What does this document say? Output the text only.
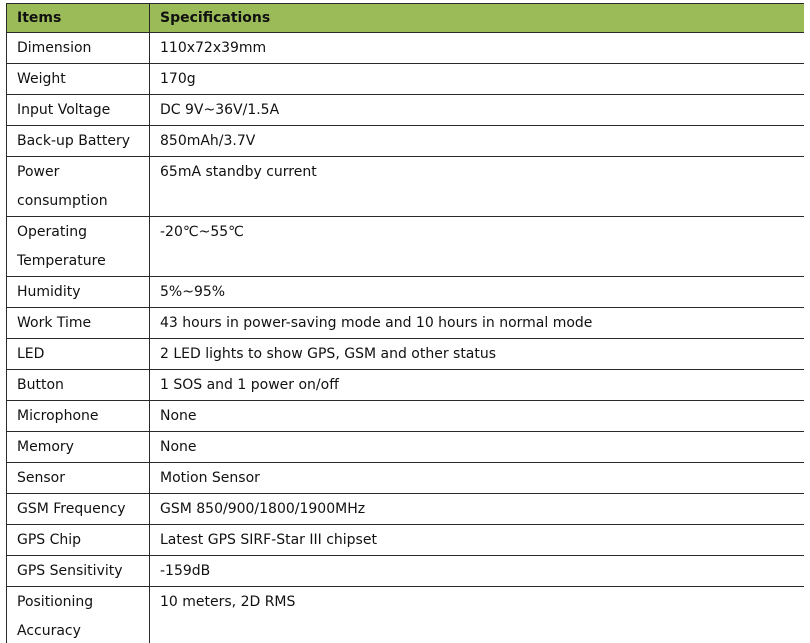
Items	Specifications
Dimension	110x72x39mm
Weight	170g
Input Voltage	DC 9V~36V/1.5A
Back-up Battery	850mAh/3.7V
Power consumption	65mA standby current
Operating Temperature	-20℃~55℃
Humidity	5%~95%
Work Time	43 hours in power-saving mode and 10 hours in normal mode
LED	2 LED lights to show GPS, GSM and other status
Button	1 SOS and 1 power on/off
Microphone	None
Memory	None
Sensor	Motion Sensor
GSM Frequency	GSM 850/900/1800/1900MHz
GPS Chip	Latest GPS SIRF-Star III chipset
GPS Sensitivity	-159dB
Positioning Accuracy	10 meters, 2D RMS
